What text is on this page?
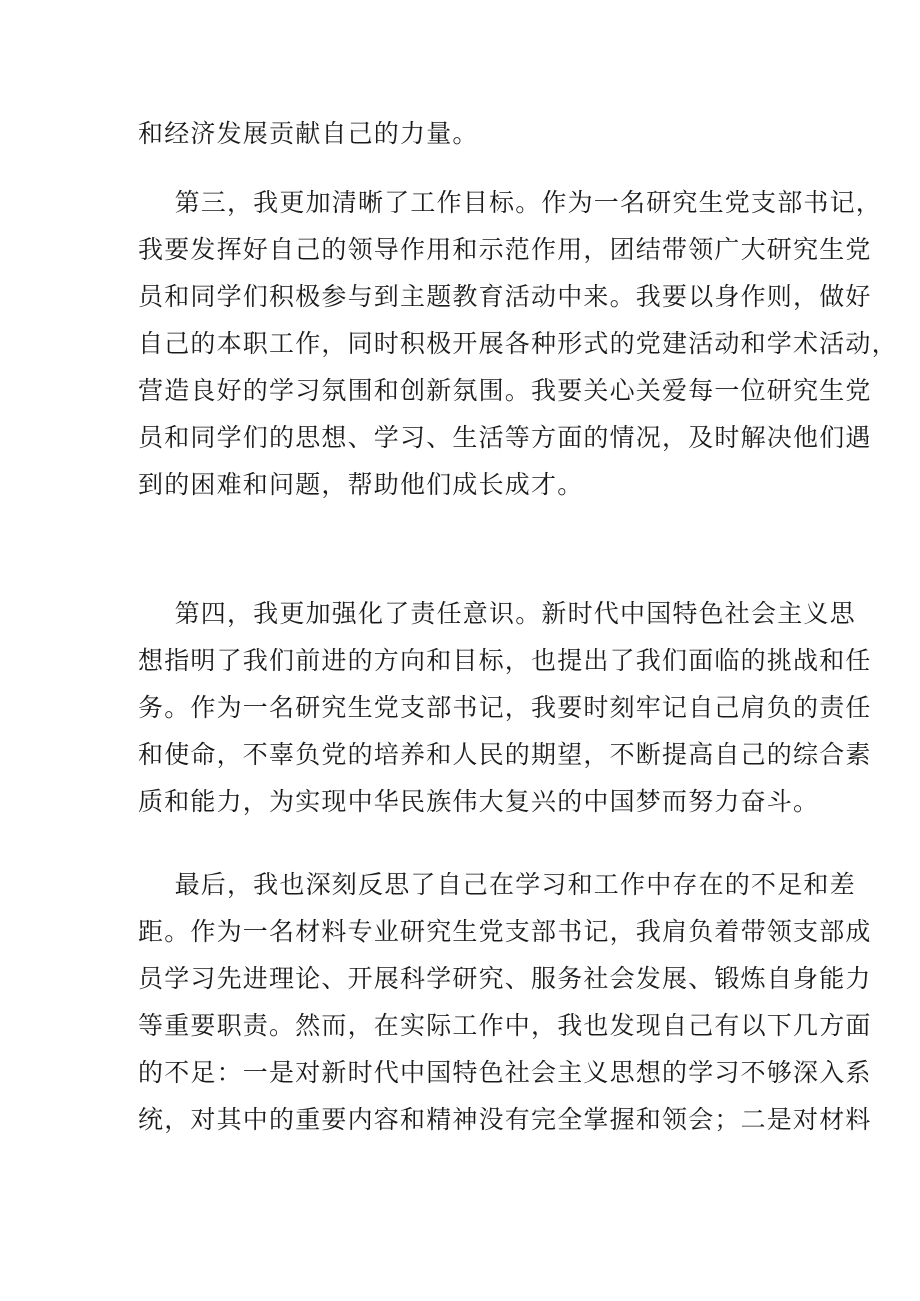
和经济发展贡献自己的力量。
第三，我更加清晰了工作目标。作为一名研究生党支部书记，
我要发挥好自己的领导作用和示范作用，团结带领广大研究生党
员和同学们积极参与到主题教育活动中来。我要以身作则，做好
自己的本职工作，同时积极开展各种形式的党建活动和学术活动，
营造良好的学习氛围和创新氛围。我要关心关爱每一位研究生党
员和同学们的思想、学习、生活等方面的情况，及时解决他们遇
到的困难和问题，帮助他们成长成才。
第四，我更加强化了责任意识。新时代中国特色社会主义思
想指明了我们前进的方向和目标，也提出了我们面临的挑战和任
务。作为一名研究生党支部书记，我要时刻牢记自己肩负的责任
和使命，不辜负党的培养和人民的期望，不断提高自己的综合素
质和能力，为实现中华民族伟大复兴的中国梦而努力奋斗。
最后，我也深刻反思了自己在学习和工作中存在的不足和差
距。作为一名材料专业研究生党支部书记，我肩负着带领支部成
员学习先进理论、开展科学研究、服务社会发展、锻炼自身能力
等重要职责。然而，在实际工作中，我也发现自己有以下几方面
的不足：一是对新时代中国特色社会主义思想的学习不够深入系
统，对其中的重要内容和精神没有完全掌握和领会；二是对材料
